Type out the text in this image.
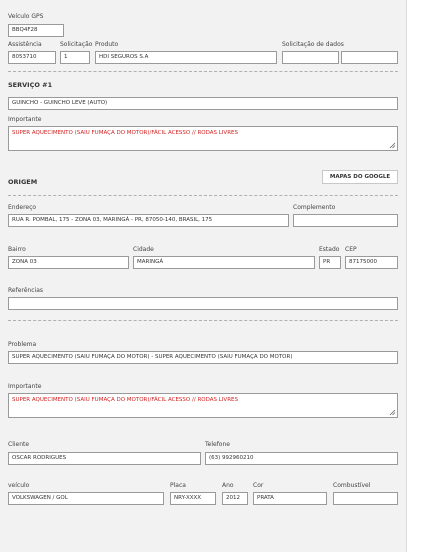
Veículo GPS
BBQ4F28
Assistência
8053710
Solicitação
1
Produto
HDI SEGUROS S.A
Solicitação de dados
SERVIÇO #1
GUINCHO - GUINCHO LEVE (AUTO)
Importante
SUPER AQUECIMENTO (SAIU FUMAÇA DO MOTOR)/FÁCIL ACESSO // RODAS LIVRES
ORIGEM
MAPAS DO GOOGLE
Endereço
RUA R. POMBAL, 175 - ZONA 03, MARINGÁ - PR, 87050-140, BRASIL, 175
Complemento
Bairro
ZONA 03
Cidade
MARINGÁ
Estado
PR
CEP
87175000
Referências
Problema
SUPER AQUECIMENTO (SAIU FUMAÇA DO MOTOR) - SUPER AQUECIMENTO (SAIU FUMAÇA DO MOTOR)
Importante
SUPER AQUECIMENTO (SAIU FUMAÇA DO MOTOR)/FÁCIL ACESSO // RODAS LIVRES
Cliente
OSCAR RODRIGUES
Telefone
(63) 992960210
veículo
VOLKSWAGEN / GOL
Placa
NRY-XXXX
Ano
2012
Cor
PRATA
Combustível
